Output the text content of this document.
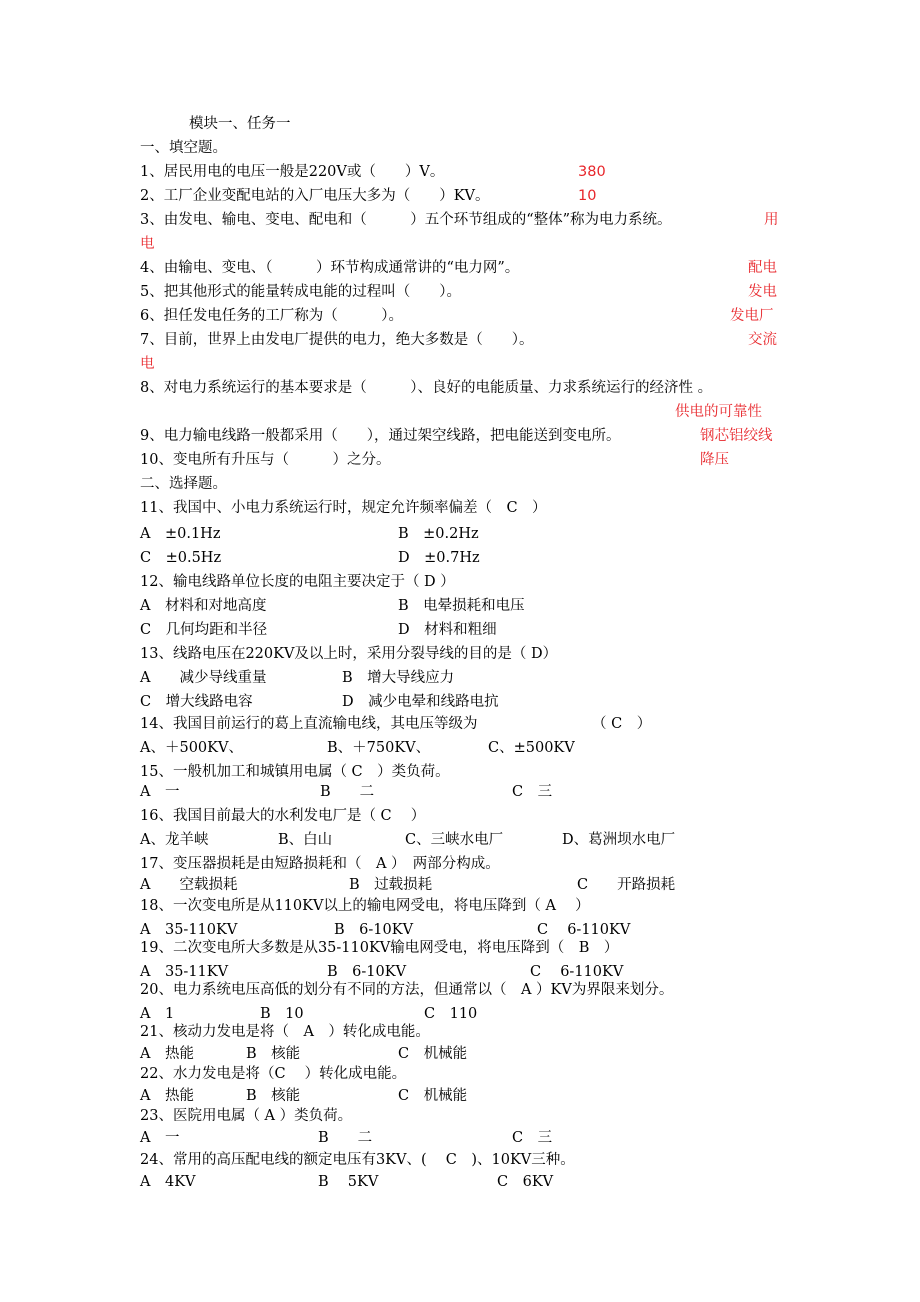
模块一、任务一
一、填空题。
1、居民用电的电压一般是220V或（　　）V。	380
2、工厂企业变配电站的入厂电压大多为（　　）KV。	10
3、由发电、输电、变电、配电和（　　　）五个环节组成的“整体”称为电力系统。	用
电
4、由输电、变电、（　　　）环节构成通常讲的“电力网”。	配电
5、把其他形式的能量转成电能的过程叫（　　）。	发电
6、担任发电任务的工厂称为（　　　）。	发电厂
7、目前，世界上由发电厂提供的电力，绝大多数是（　　）。	交流
电
8、对电力系统运行的基本要求是（　　　）、良好的电能质量、力求系统运行的经济性 。
供电的可靠性
9、电力输电线路一般都采用（　　），通过架空线路，把电能送到变电所。	钢芯铝绞线
10、变电所有升压与（　　　）之分。	降压
二、选择题。
11、我国中、小电力系统运行时，规定允许频率偏差（　C　）
A　±0.1Hz	B　±0.2Hz
C　±0.5Hz	D　±0.7Hz
12、输电线路单位长度的电阻主要决定于（ D ）
A　材料和对地高度	B　电晕损耗和电压
C　几何均距和半径	D　材料和粗细
13、线路电压在220KV及以上时，采用分裂导线的目的是（ D）
A　　减少导线重量	B　增大导线应力
C　增大线路电容	D　减少电晕和线路电抗
14、我国目前运行的葛上直流输电线，其电压等级为	（ C　）
A、＋500KV、	B、＋750KV、	C、±500KV
15、一般机加工和城镇用电属（ C　）类负荷。
A　一	B　　二	C　三
16、我国目前最大的水利发电厂是（ C　 ）
A、龙羊峡	B、白山	C、三峡水电厂	D、葛洲坝水电厂
17、变压器损耗是由短路损耗和（　A ）　两部分构成。
A　　空载损耗	B　过载损耗	C　　开路损耗
18、一次变电所是从110KV以上的输电网受电，将电压降到（ A　 ）
A　35-110KV	B　6-10KV	C　 6-110KV
19、二次变电所大多数是从35-110KV输电网受电，将电压降到（　B　）
A　35-11KV	B　6-10KV	C　 6-110KV
20、电力系统电压高低的划分有不同的方法，但通常以（　A ）KV为界限来划分。
A　1	B　10	C　110
21、核动力发电是将（　A　）转化成电能。
A　热能	B　核能	C　机械能
22、水力发电是将（C　 ）转化成电能。
A　热能	B　核能	C　机械能
23、医院用电属（ A ）类负荷。
A　一	B　　二	C　三
24、常用的高压配电线的额定电压有3KV、(　 C　)、10KV三种。
A　4KV	B　 5KV	C　6KV
